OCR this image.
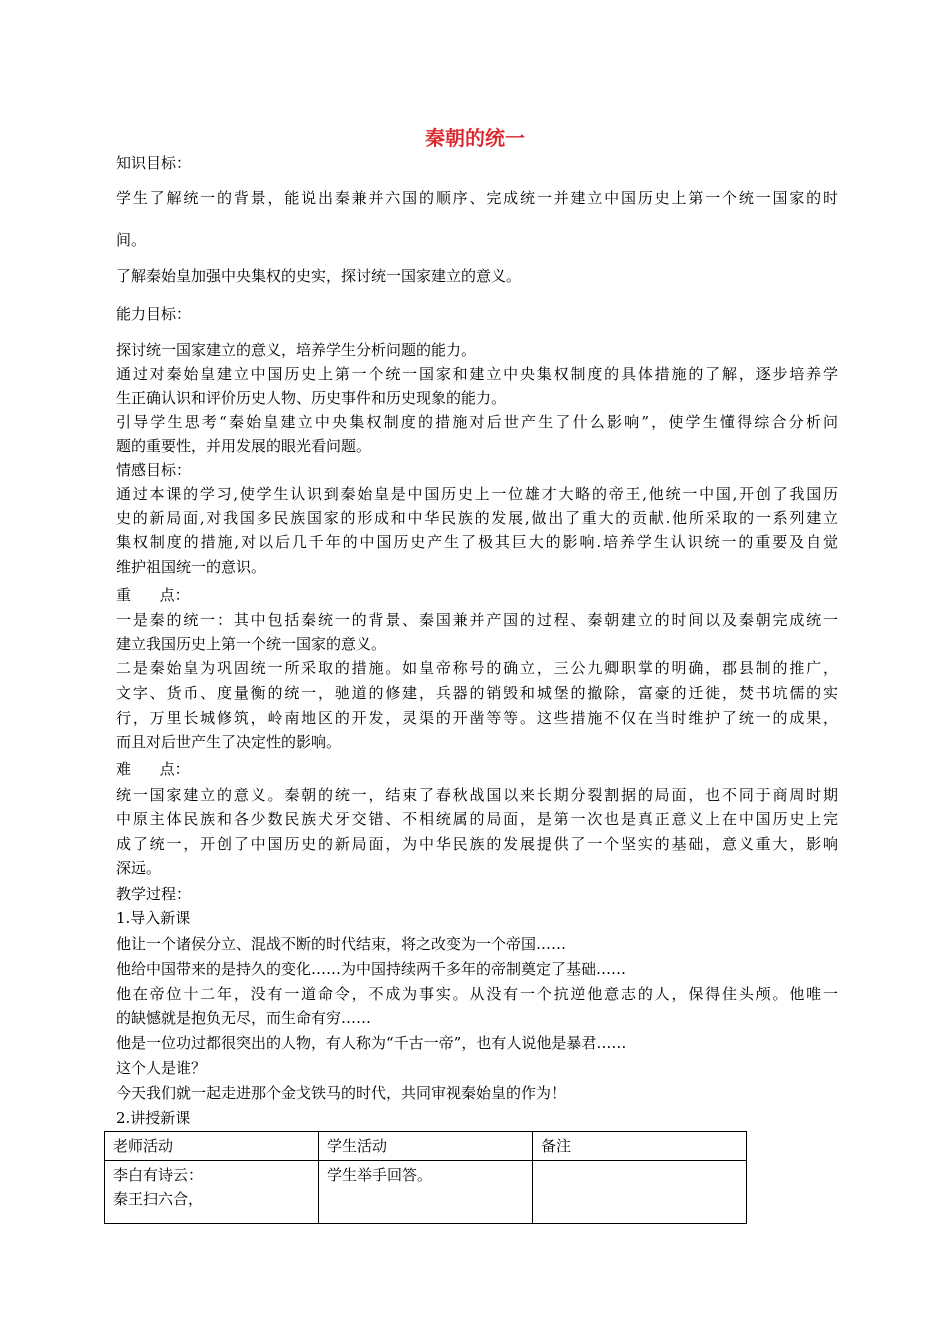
秦朝的统一
知识目标：
学生了解统一的背景，能说出秦兼并六国的顺序、完成统一并建立中国历史上第一个统一国家的时
间。
了解秦始皇加强中央集权的史实，探讨统一国家建立的意义。
能力目标：
探讨统一国家建立的意义，培养学生分析问题的能力。
通过对秦始皇建立中国历史上第一个统一国家和建立中央集权制度的具体措施的了解，逐步培养学
生正确认识和评价历史人物、历史事件和历史现象的能力。
引导学生思考“秦始皇建立中央集权制度的措施对后世产生了什么影响”，使学生懂得综合分析问
题的重要性，并用发展的眼光看问题。
情感目标：
通过本课的学习,使学生认识到秦始皇是中国历史上一位雄才大略的帝王,他统一中国,开创了我国历
史的新局面,对我国多民族国家的形成和中华民族的发展,做出了重大的贡献.他所采取的一系列建立
集权制度的措施,对以后几千年的中国历史产生了极其巨大的影响.培养学生认识统一的重要及自觉
维护祖国统一的意识。
重      点：
一是秦的统一：其中包括秦统一的背景、秦国兼并产国的过程、秦朝建立的时间以及秦朝完成统一
建立我国历史上第一个统一国家的意义。
二是秦始皇为巩固统一所采取的措施。如皇帝称号的确立，三公九卿职掌的明确，郡县制的推广，
文字、货币、度量衡的统一，驰道的修建，兵器的销毁和城堡的撤除，富豪的迁徙，焚书坑儒的实
行，万里长城修筑，岭南地区的开发，灵渠的开凿等等。这些措施不仅在当时维护了统一的成果，
而且对后世产生了决定性的影响。
难      点：
统一国家建立的意义。秦朝的统一，结束了春秋战国以来长期分裂割据的局面，也不同于商周时期
中原主体民族和各少数民族犬牙交错、不相统属的局面，是第一次也是真正意义上在中国历史上完
成了统一，开创了中国历史的新局面，为中华民族的发展提供了一个坚实的基础，意义重大，影响
深远。
教学过程：
1.导入新课
他让一个诸侯分立、混战不断的时代结束，将之改变为一个帝国……
他给中国带来的是持久的变化……为中国持续两千多年的帝制奠定了基础……
他在帝位十二年，没有一道命令，不成为事实。从没有一个抗逆他意志的人，保得住头颅。他唯一
的缺憾就是抱负无尽，而生命有穷……
他是一位功过都很突出的人物，有人称为“千古一帝”，也有人说他是暴君……
这个人是谁？
今天我们就一起走进那个金戈铁马的时代，共同审视秦始皇的作为！
2.讲授新课
老师活动	学生活动	备注

李白有诗云：
秦王扫六合，	学生举手回答。	
